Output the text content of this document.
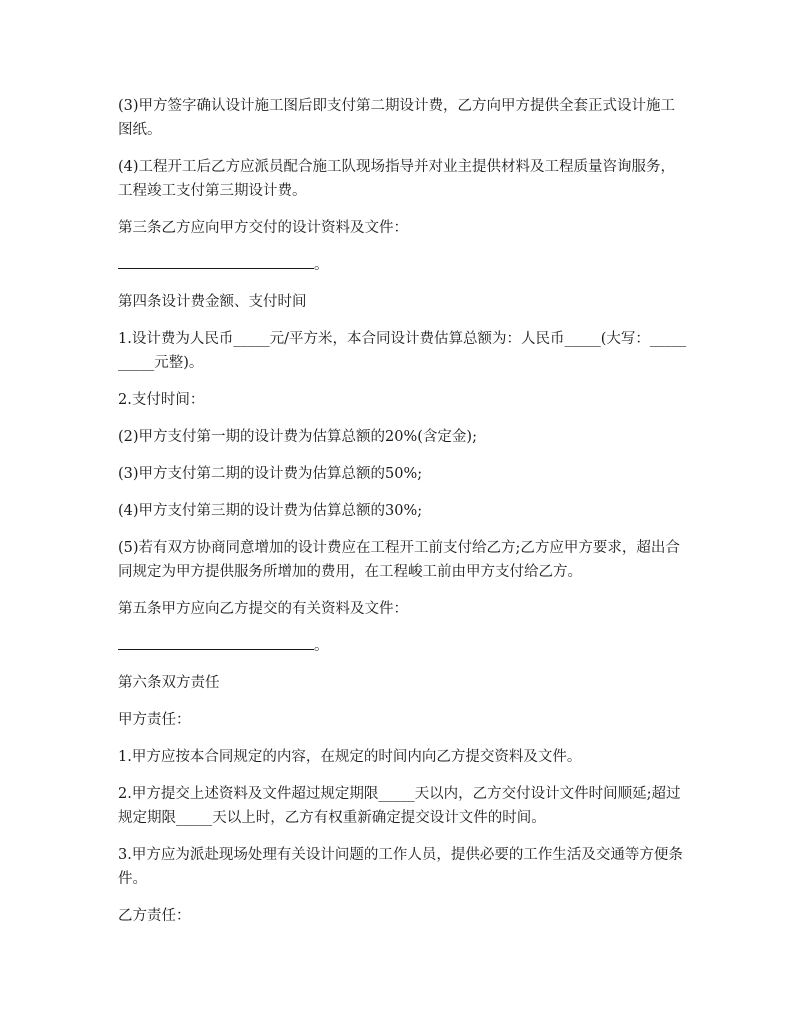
(3)甲方签字确认设计施工图后即支付第二期设计费，乙方向甲方提供全套正式设计施工图纸。

(4)工程开工后乙方应派员配合施工队现场指导并对业主提供材料及工程质量咨询服务，工程竣工支付第三期设计费。

第三条乙方应向甲方交付的设计资料及文件：

。

第四条设计费金额、支付时间

1.设计费为人民币_____元/平方米，本合同设计费估算总额为：人民币_____(大写：__________元整)。

2.支付时间：

(2)甲方支付第一期的设计费为估算总额的20%(含定金);

(3)甲方支付第二期的设计费为估算总额的50%;

(4)甲方支付第三期的设计费为估算总额的30%;

(5)若有双方协商同意增加的设计费应在工程开工前支付给乙方;乙方应甲方要求，超出合同规定为甲方提供服务所增加的费用，在工程峻工前由甲方支付给乙方。

第五条甲方应向乙方提交的有关资料及文件：

。

第六条双方责任

甲方责任：

1.甲方应按本合同规定的内容，在规定的时间内向乙方提交资料及文件。

2.甲方提交上述资料及文件超过规定期限_____天以内，乙方交付设计文件时间顺延;超过规定期限_____天以上时，乙方有权重新确定提交设计文件的时间。

3.甲方应为派赴现场处理有关设计问题的工作人员，提供必要的工作生活及交通等方便条件。

乙方责任：
